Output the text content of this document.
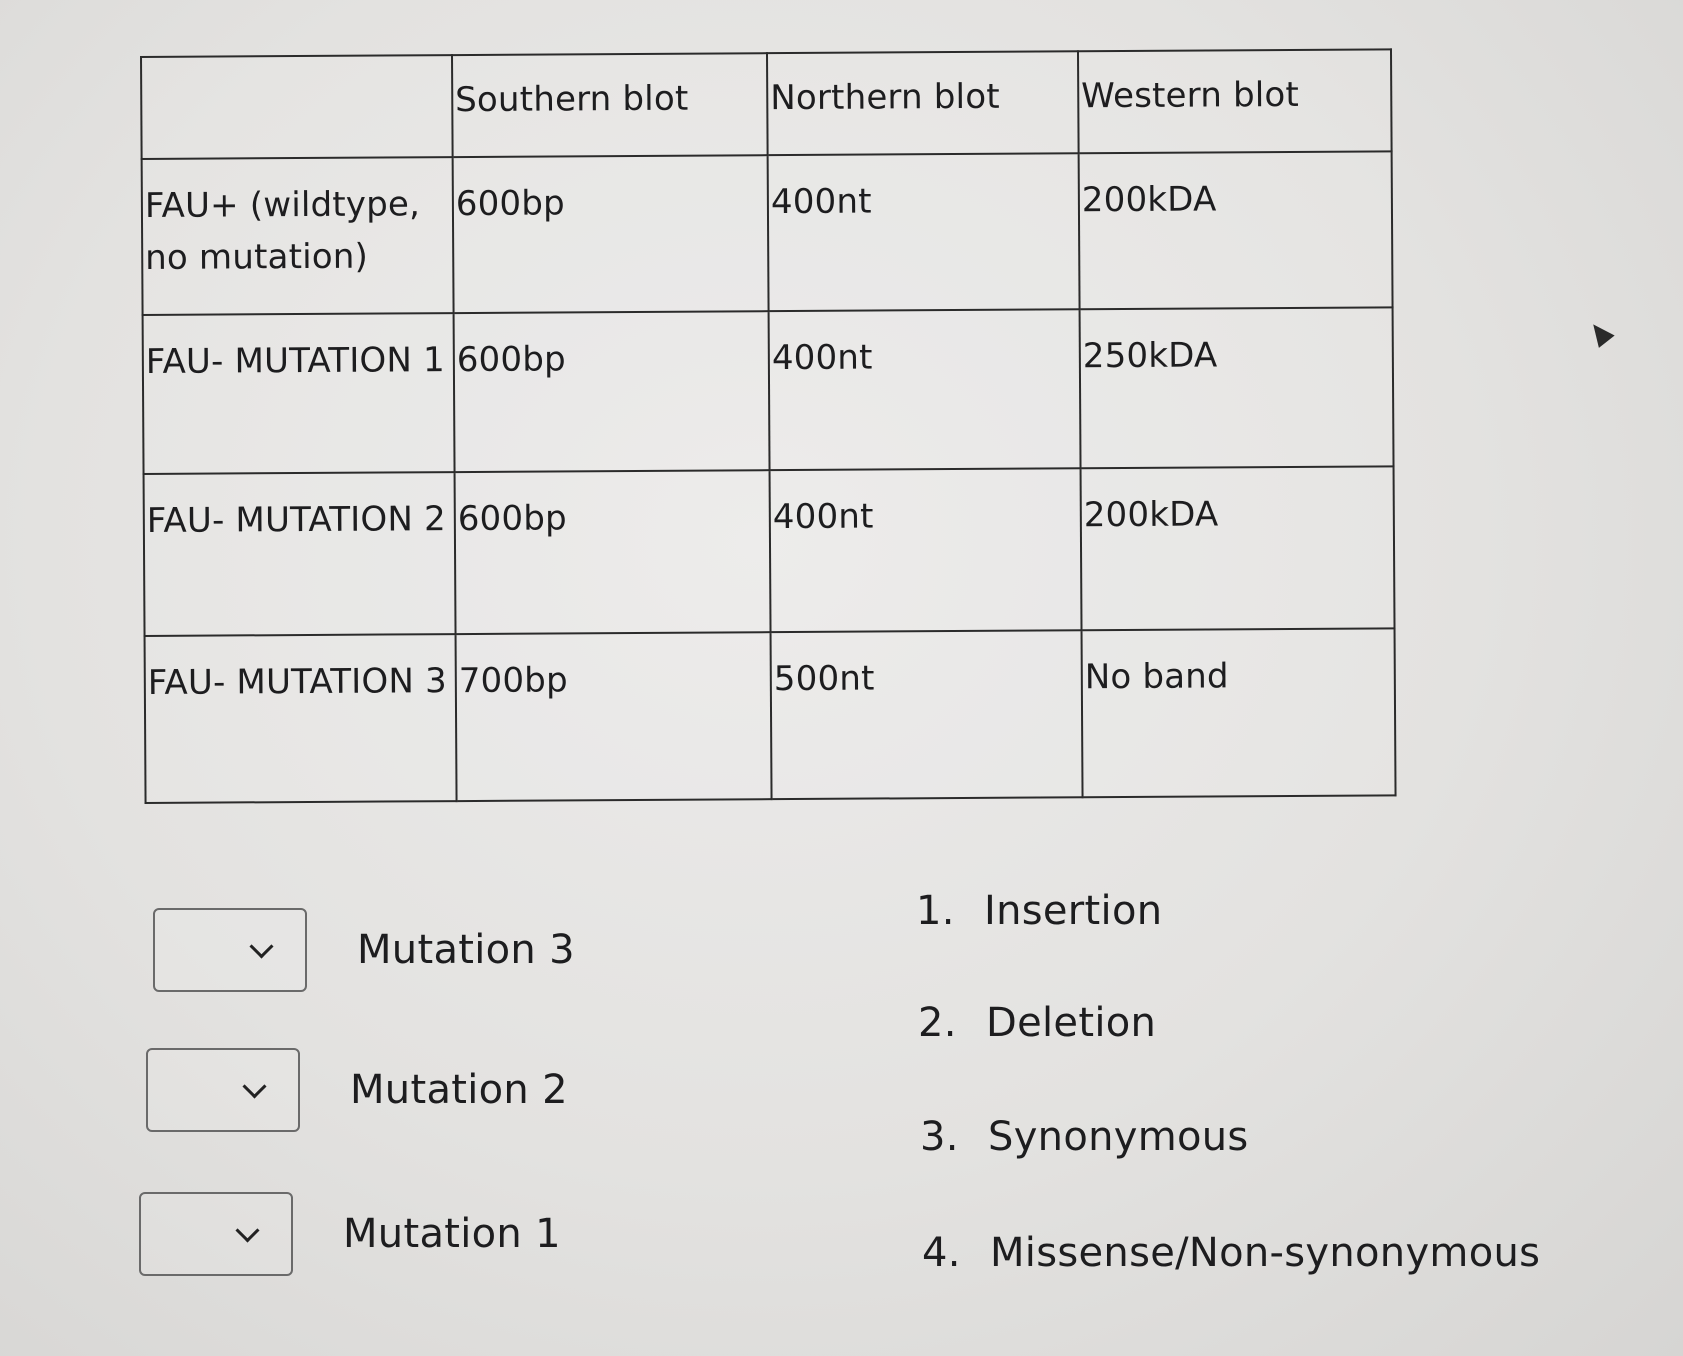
	Southern blot	Northern blot	Western blot
FAU+ (wildtype, no mutation)	600bp	400nt	200kDA
FAU- MUTATION 1	600bp	400nt	250kDA
FAU- MUTATION 2	600bp	400nt	200kDA
FAU- MUTATION 3	700bp	500nt	No band
Mutation 3
Mutation 2
Mutation 1
1. Insertion
2. Deletion
3. Synonymous
4. Missense/Non-synonymous
